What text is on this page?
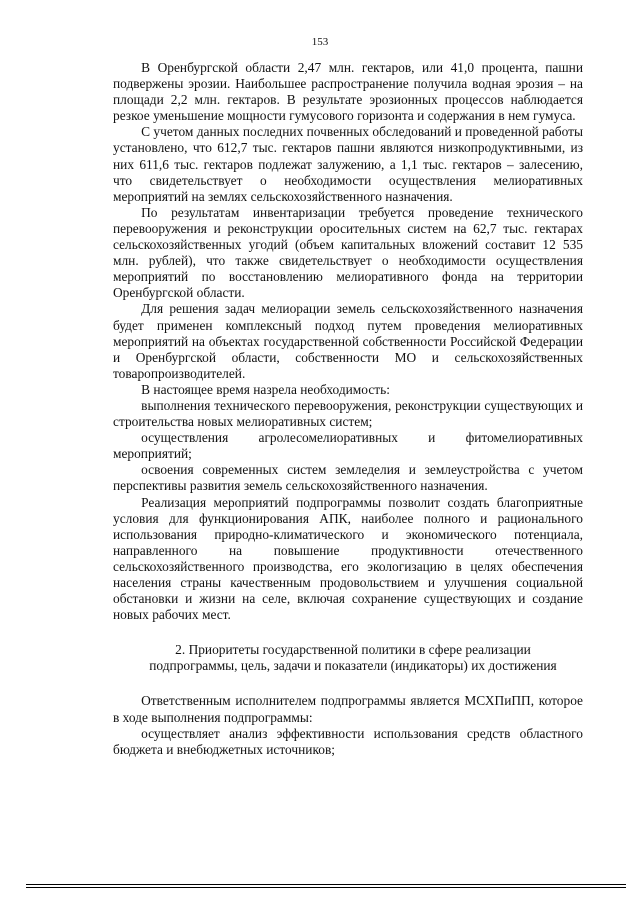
153

В Оренбургской области 2,47 млн. гектаров, или 41,0 процента, пашни подвержены эрозии. Наибольшее распространение получила водная эрозия – на площади 2,2 млн. гектаров. В результате эрозионных процессов наблюдается резкое уменьшение мощности гумусового горизонта и содержания в нем гумуса.

С учетом данных последних почвенных обследований и проведенной работы установлено, что 612,7 тыс. гектаров пашни являются низкопродуктивными, из них 611,6 тыс. гектаров подлежат залужению, а 1,1 тыс. гектаров – залесению, что свидетельствует о необходимости осуществления мелиоративных мероприятий на землях сельскохозяйственного назначения.

По результатам инвентаризации требуется проведение технического перевооружения и реконструкции оросительных систем на 62,7 тыс. гектарах сельскохозяйственных угодий (объем капитальных вложений составит 12 535 млн. рублей), что также свидетельствует о необходимости осуществления мероприятий по восстановлению мелиоративного фонда на территории Оренбургской области.

Для решения задач мелиорации земель сельскохозяйственного назначения будет применен комплексный подход путем проведения мелиоративных мероприятий на объектах государственной собственности Российской Федерации и Оренбургской области, собственности МО и сельскохозяйственных товаропроизводителей.

В настоящее время назрела необходимость:

выполнения технического перевооружения, реконструкции существующих и строительства новых мелиоративных систем;

осуществления агролесомелиоративных и фитомелиоративных мероприятий;

освоения современных систем земледелия и землеустройства с учетом перспективы развития земель сельскохозяйственного назначения.

Реализация мероприятий подпрограммы позволит создать благоприятные условия для функционирования АПК, наиболее полного и рационального использования природно-климатического и экономического потенциала, направленного на повышение продуктивности отечественного сельскохозяйственного производства, его экологизацию в целях обеспечения населения страны качественным продовольствием и улучшения социальной обстановки и жизни на селе, включая сохранение существующих и создание новых рабочих мест.

2. Приоритеты государственной политики в сфере реализации
подпрограммы, цель, задачи и показатели (индикаторы) их достижения

Ответственным исполнителем подпрограммы является МСХПиПП, которое в ходе выполнения подпрограммы:

осуществляет анализ эффективности использования средств областного бюджета и внебюджетных источников;
